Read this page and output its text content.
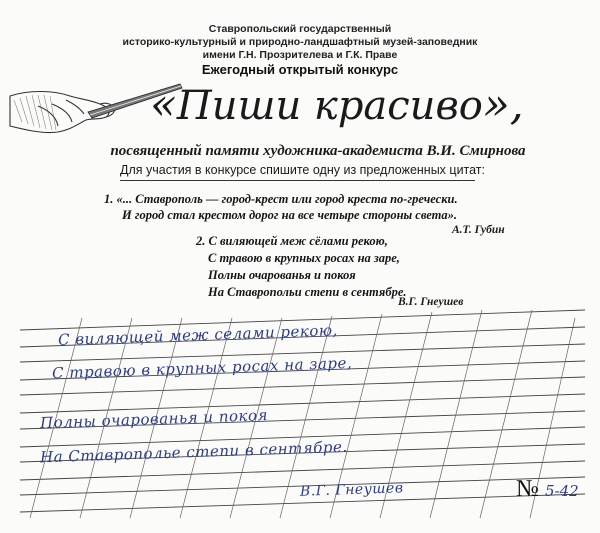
Ставропольский государственный
историко-культурный и природно-ландшафтный музей-заповедник
имени Г.Н. Прозрителева и Г.К. Праве
Ежегодный открытый конкурс
«Пиши красиво»,
посвященный памяти художника-академиста В.И. Смирнова
Для участия в конкурсе спишите одну из предложенных цитат:
1. «... Ставрополь — город-крест или город креста по-гречески.
И город стал крестом дорог на все четыре стороны света».
А.Т. Губин
2. С виляющей меж сёлами рекою,
С травою в крупных росах на заре,
Полны очарованья и покоя
На Ставропольи степи в сентябре.
В.Г. Гнеушев
С виляющей меж селами рекою,
С травою в крупных росах на заре,
Полны очарованья и покоя
На Ставрополье степи в сентябре.
В.Г. Гнеушев	№ 5-42
